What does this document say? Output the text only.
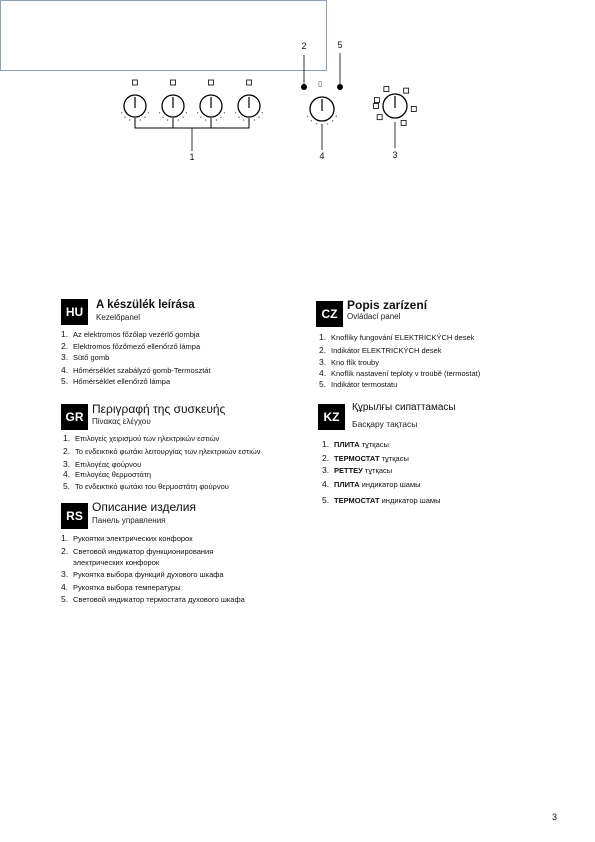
▯
1
2
3
4
5
HU	A készülék leírása
Kezelőpanel
1. Az elektromos főzőlap vezérlő gombja
2. Elektromos főzőmező ellenőrző lámpa
3. Sütő gomb
4. Hőmérséklet szabályzó gomb-Termosztát
5. Hőmérséklet ellenőrző lámpa
CZ
Popis zarízení
Ovládací panel
1. Knoflíky fungování ELEKTRICKÝCH desek
2. Indikátor ELEKTRICKÝCH desek
3. Kno flík trouby
4. Knoflík nastavení teploty v troubě (termostat)
5. Indikátor termostatu
GR
Περιγραφή της συσκευής
Πίνακας ελέγχου
1. Επιλογείς χειρισμού των ηλεκτρικών εστιών
2. Το ενδεικτικό φωτάκι λειτουργίας των ηλεκτρικών εστιών
3. Επιλογέας φούρνου
4. Επιλογέας θερμοστάτη
5. Το ενδεικτικό φωτάκι του θερμοστάτη φούρνου
KZ
Құрылғы сипаттамасы
Басқару тақтасы
1. ПЛИТА тұтқасы
2. ТЕРМОСТАТ тұтқасы
3. РЕТТЕУ тұтқасы
4. ПЛИТА индикатор шамы
5. ТЕРМОСТАТ индикатор шамы
RS
Описание изделия
Панель управления
1. Рукоятки электрических конфорок
2. Световой индикатор функционирования
электрических конфорок
3. Рукоятка выбора функций духового шкафа
4. Рукоятка выбора температуры
5. Световой индикатор термостата духового шкафа
3
